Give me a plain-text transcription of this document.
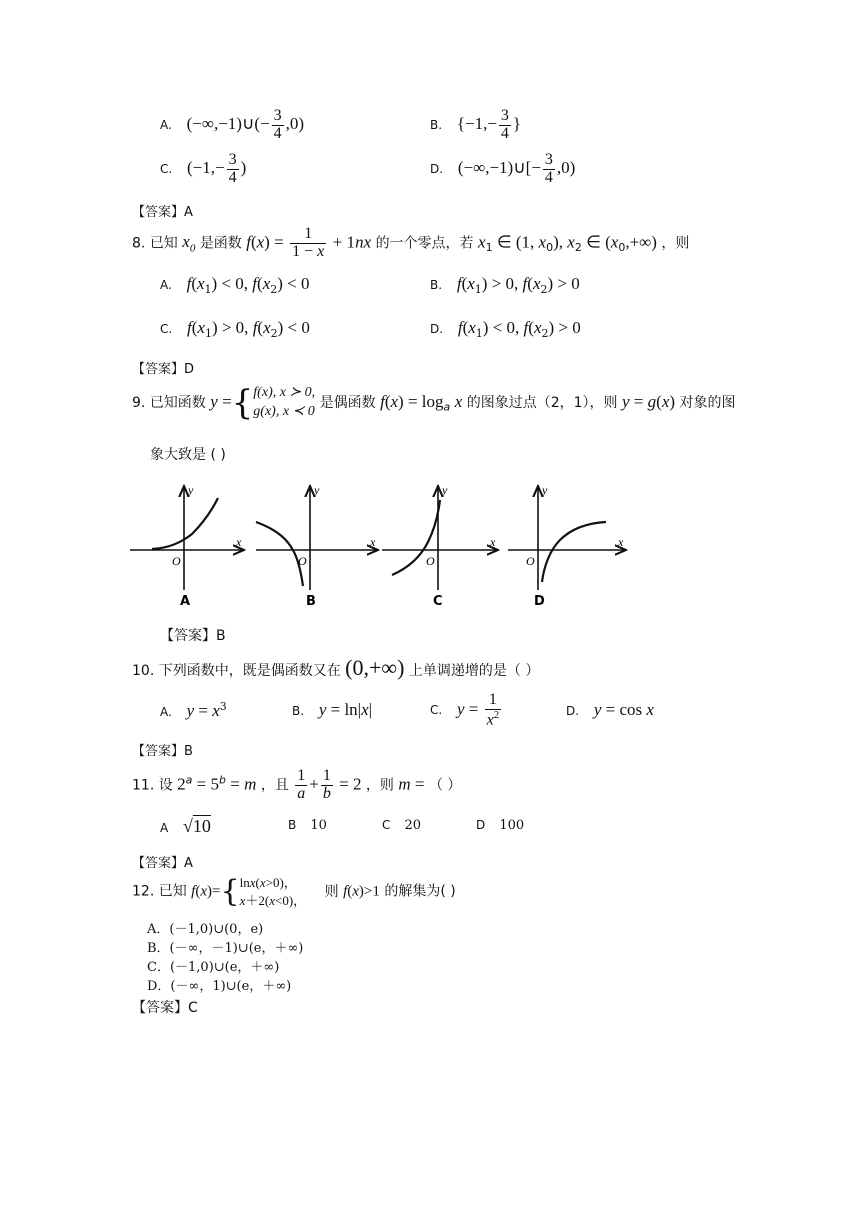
A. (−∞,−1)∪(− $\frac{3}{4} ,0$)	B. {$-1,- \frac{3}{4}$ }
C. ($-1,- \frac{3}{4}$ )	D. (−∞,−1)∪[− $\frac{3}{4} ,0$)
【答案】A
8. 已知 $x_0$ 是函数 $f(x) = \frac{1}{1 - x} + 1nx$ 的一个零点，若 $x_1$ ∈ (1, $x_0$), $x_2$ ∈ $(x_0,+\infty)$ ，则
A. $f(x_1) < 0$, $f(x_2) < 0$	B. $f(x_1) > 0$, $f(x_2) > 0$
C. $f(x_1) > 0$, $f(x_2) < 0$	D. $f(x_1) < 0$, $f(x_2) > 0$
【答案】D
9. 已知函数 y ={f(x), x ≻ 0,
g(x), x ≺ 0 是偶函数 $f(x) = \log_a x$ 的图象过点（2，1），则 y = g(x) 对象的图
象大致是 ( )
x
y
O
A
x
y
O
B
x
y
O
C
x
y
O
D
【答案】B
10. 下列函数中，既是偶函数又在 (0,+∞) 上单调递增的是（ ）
A. $y = x^3$	B. y = ln|x|	C. $y = \frac{1}{x^2}$	D. y = cos x
【答案】B
11. 设 $2^a = 5^b = m$ ，且 $\frac{1}{a} + \frac{1}{b} = 2$ ，则 m = （ ）
A √10	B 10	C 20	D 100
【答案】A
12. 已知 f(x)={lnx(x>0)，
x＋2(x<0)， 则 f(x)>1 的解集为( )
A．(－1,0)∪(0，e)
B．(－∞，－1)∪(e，＋∞)
C．(－1,0)∪(e，＋∞)
D．(－∞，1)∪(e，＋∞)
【答案】C
